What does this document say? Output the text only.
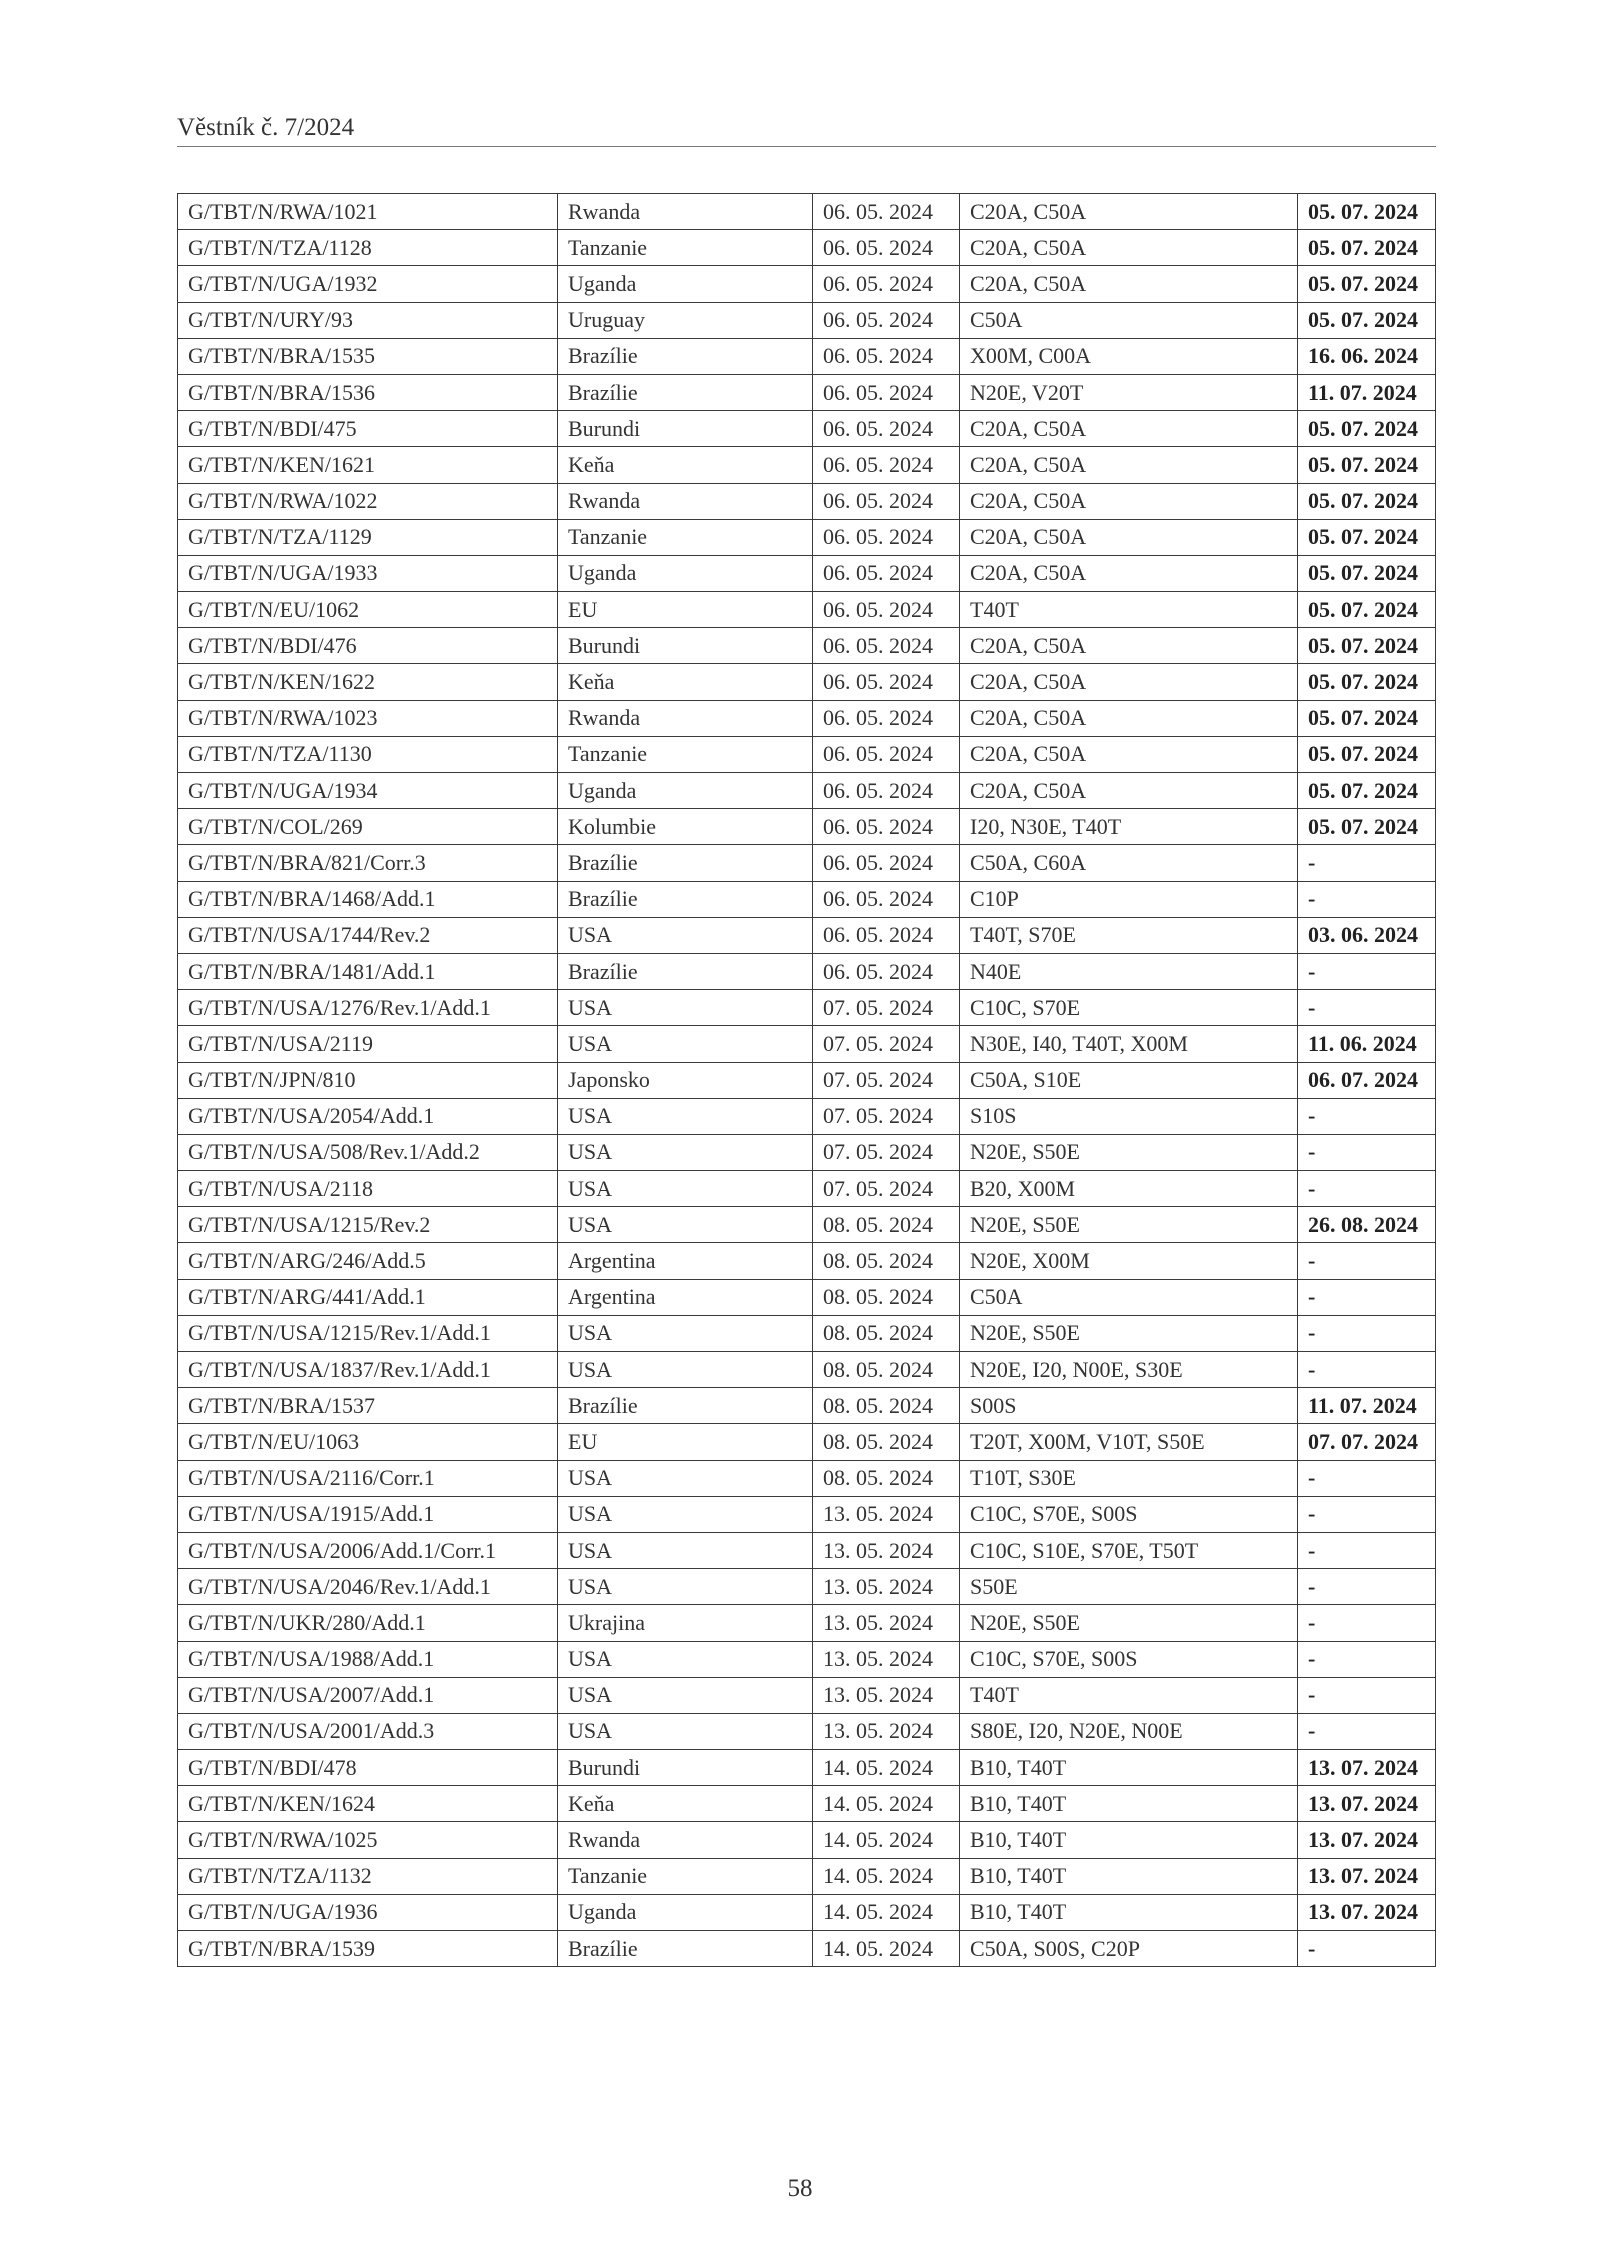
Věstník č. 7/2024
G/TBT/N/RWA/1021	Rwanda	06. 05. 2024	C20A, C50A	05. 07. 2024
G/TBT/N/TZA/1128	Tanzanie	06. 05. 2024	C20A, C50A	05. 07. 2024
G/TBT/N/UGA/1932	Uganda	06. 05. 2024	C20A, C50A	05. 07. 2024
G/TBT/N/URY/93	Uruguay	06. 05. 2024	C50A	05. 07. 2024
G/TBT/N/BRA/1535	Brazílie	06. 05. 2024	X00M, C00A	16. 06. 2024
G/TBT/N/BRA/1536	Brazílie	06. 05. 2024	N20E, V20T	11. 07. 2024
G/TBT/N/BDI/475	Burundi	06. 05. 2024	C20A, C50A	05. 07. 2024
G/TBT/N/KEN/1621	Keňa	06. 05. 2024	C20A, C50A	05. 07. 2024
G/TBT/N/RWA/1022	Rwanda	06. 05. 2024	C20A, C50A	05. 07. 2024
G/TBT/N/TZA/1129	Tanzanie	06. 05. 2024	C20A, C50A	05. 07. 2024
G/TBT/N/UGA/1933	Uganda	06. 05. 2024	C20A, C50A	05. 07. 2024
G/TBT/N/EU/1062	EU	06. 05. 2024	T40T	05. 07. 2024
G/TBT/N/BDI/476	Burundi	06. 05. 2024	C20A, C50A	05. 07. 2024
G/TBT/N/KEN/1622	Keňa	06. 05. 2024	C20A, C50A	05. 07. 2024
G/TBT/N/RWA/1023	Rwanda	06. 05. 2024	C20A, C50A	05. 07. 2024
G/TBT/N/TZA/1130	Tanzanie	06. 05. 2024	C20A, C50A	05. 07. 2024
G/TBT/N/UGA/1934	Uganda	06. 05. 2024	C20A, C50A	05. 07. 2024
G/TBT/N/COL/269	Kolumbie	06. 05. 2024	I20, N30E, T40T	05. 07. 2024
G/TBT/N/BRA/821/Corr.3	Brazílie	06. 05. 2024	C50A, C60A	-
G/TBT/N/BRA/1468/Add.1	Brazílie	06. 05. 2024	C10P	-
G/TBT/N/USA/1744/Rev.2	USA	06. 05. 2024	T40T, S70E	03. 06. 2024
G/TBT/N/BRA/1481/Add.1	Brazílie	06. 05. 2024	N40E	-
G/TBT/N/USA/1276/Rev.1/Add.1	USA	07. 05. 2024	C10C, S70E	-
G/TBT/N/USA/2119	USA	07. 05. 2024	N30E, I40, T40T, X00M	11. 06. 2024
G/TBT/N/JPN/810	Japonsko	07. 05. 2024	C50A, S10E	06. 07. 2024
G/TBT/N/USA/2054/Add.1	USA	07. 05. 2024	S10S	-
G/TBT/N/USA/508/Rev.1/Add.2	USA	07. 05. 2024	N20E, S50E	-
G/TBT/N/USA/2118	USA	07. 05. 2024	B20, X00M	-
G/TBT/N/USA/1215/Rev.2	USA	08. 05. 2024	N20E, S50E	26. 08. 2024
G/TBT/N/ARG/246/Add.5	Argentina	08. 05. 2024	N20E, X00M	-
G/TBT/N/ARG/441/Add.1	Argentina	08. 05. 2024	C50A	-
G/TBT/N/USA/1215/Rev.1/Add.1	USA	08. 05. 2024	N20E, S50E	-
G/TBT/N/USA/1837/Rev.1/Add.1	USA	08. 05. 2024	N20E, I20, N00E, S30E	-
G/TBT/N/BRA/1537	Brazílie	08. 05. 2024	S00S	11. 07. 2024
G/TBT/N/EU/1063	EU	08. 05. 2024	T20T, X00M, V10T, S50E	07. 07. 2024
G/TBT/N/USA/2116/Corr.1	USA	08. 05. 2024	T10T, S30E	-
G/TBT/N/USA/1915/Add.1	USA	13. 05. 2024	C10C, S70E, S00S	-
G/TBT/N/USA/2006/Add.1/Corr.1	USA	13. 05. 2024	C10C, S10E, S70E, T50T	-
G/TBT/N/USA/2046/Rev.1/Add.1	USA	13. 05. 2024	S50E	-
G/TBT/N/UKR/280/Add.1	Ukrajina	13. 05. 2024	N20E, S50E	-
G/TBT/N/USA/1988/Add.1	USA	13. 05. 2024	C10C, S70E, S00S	-
G/TBT/N/USA/2007/Add.1	USA	13. 05. 2024	T40T	-
G/TBT/N/USA/2001/Add.3	USA	13. 05. 2024	S80E, I20, N20E, N00E	-
G/TBT/N/BDI/478	Burundi	14. 05. 2024	B10, T40T	13. 07. 2024
G/TBT/N/KEN/1624	Keňa	14. 05. 2024	B10, T40T	13. 07. 2024
G/TBT/N/RWA/1025	Rwanda	14. 05. 2024	B10, T40T	13. 07. 2024
G/TBT/N/TZA/1132	Tanzanie	14. 05. 2024	B10, T40T	13. 07. 2024
G/TBT/N/UGA/1936	Uganda	14. 05. 2024	B10, T40T	13. 07. 2024
G/TBT/N/BRA/1539	Brazílie	14. 05. 2024	C50A, S00S, C20P	-
58
